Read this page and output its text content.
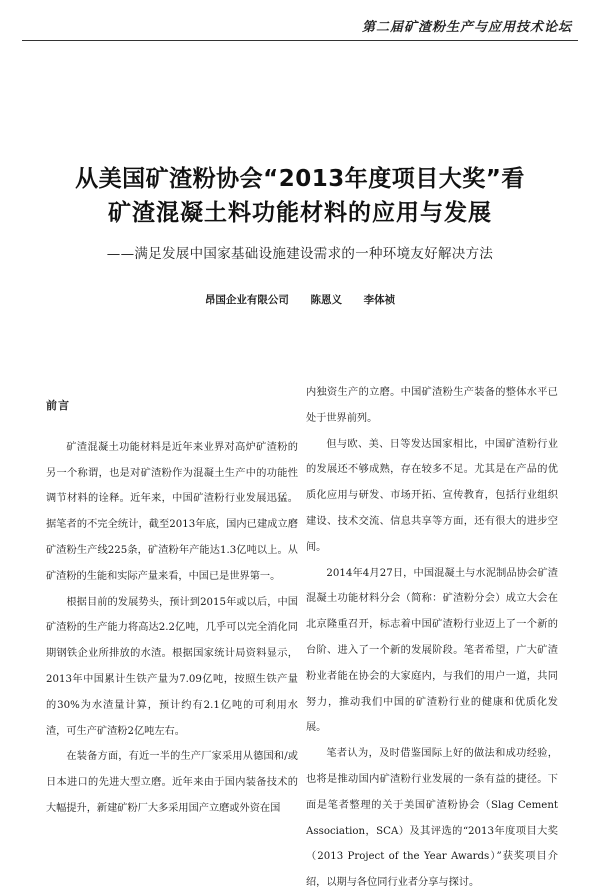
第二届矿渣粉生产与应用技术论坛
从美国矿渣粉协会“2013年度项目大奖”看
矿渣混凝土料功能材料的应用与发展
——满足发展中国家基础设施建设需求的一种环境友好解决方法
昂国企业有限公司 陈恩义 李体祯
前言

矿渣混凝土功能材料是近年来业界对高炉矿渣粉的另一个称谓，也是对矿渣粉作为混凝土生产中的功能性调节材料的诠释。近年来，中国矿渣粉行业发展迅猛。据笔者的不完全统计，截至2013年底，国内已建成立磨矿渣粉生产线225条，矿渣粉年产能达1.3亿吨以上。从矿渣粉的生能和实际产量来看，中国已是世界第一。

根据目前的发展势头，预计到2015年或以后，中国矿渣粉的生产能力将高达2.2亿吨，几乎可以完全消化同期钢铁企业所排放的水渣。根据国家统计局资料显示，2013年中国累计生铁产量为7.09亿吨，按照生铁产量的30%为水渣量计算，预计约有2.1亿吨的可利用水渣，可生产矿渣粉2亿吨左右。

在装备方面，有近一半的生产厂家采用从德国和/或日本进口的先进大型立磨。近年来由于国内装备技术的大幅提升，新建矿粉厂大多采用国产立磨或外资在国

内独资生产的立磨。中国矿渣粉生产装备的整体水平已处于世界前列。

但与欧、美、日等发达国家相比，中国矿渣粉行业的发展还不够成熟，存在较多不足。尤其是在产品的优质化应用与研发、市场开拓、宣传教育，包括行业组织建设、技术交流、信息共享等方面，还有很大的进步空间。

2014年4月27日，中国混凝土与水泥制品协会矿渣混凝土功能材料分会（简称：矿渣粉分会）成立大会在北京隆重召开，标志着中国矿渣粉行业迈上了一个新的台阶、进入了一个新的发展阶段。笔者希望，广大矿渣粉业者能在协会的大家庭内，与我们的用户一道，共同努力，推动我们中国的矿渣粉行业的健康和优质化发展。

笔者认为，及时借鉴国际上好的做法和成功经验，也将是推动国内矿渣粉行业发展的一条有益的捷径。下面是笔者整理的关于美国矿渣粉协会（Slag Cement Association，SCA）及其评选的“2013年度项目大奖（2013 Project of the Year Awards）”获奖项目介绍，以期与各位同行业者分享与探讨。
